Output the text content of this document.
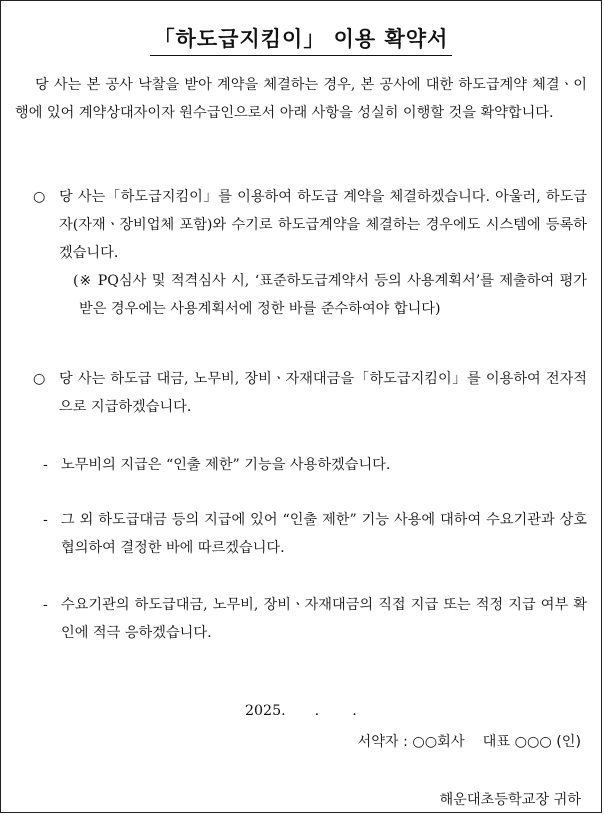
「하도급지킴이」 이용 확약서
당 사는 본 공사 낙찰을 받아 계약을 체결하는 경우, 본 공사에 대한 하도급계약 체결ㆍ이행에 있어 계약상대자이자 원수급인으로서 아래 사항을 성실히 이행할 것을 확약합니다.
○ 당 사는「하도급지킴이」를 이용하여 하도급 계약을 체결하겠습니다. 아울러, 하도급자(자재ㆍ장비업체 포함)와 수기로 하도급계약을 체결하는 경우에도 시스템에 등록하겠습니다.
(※ PQ심사 및 적격심사 시, ‘표준하도급계약서 등의 사용계획서’를 제출하여 평가받은 경우에는 사용계획서에 정한 바를 준수하여야 합니다)
○ 당 사는 하도급 대금, 노무비, 장비ㆍ자재대금을「하도급지킴이」를 이용하여 전자적으로 지급하겠습니다.
- 노무비의 지급은 “인출 제한” 기능을 사용하겠습니다.
- 그 외 하도급대금 등의 지급에 있어 “인출 제한” 기능 사용에 대하여 수요기관과 상호 협의하여 결정한 바에 따르겠습니다.
- 수요기관의 하도급대금, 노무비, 장비ㆍ자재대금의 직접 지급 또는 적정 지급 여부 확인에 적극 응하겠습니다.
2025. . .
서약자 : ○○회사 대표 ○○○ (인)
해운대초등학교장 귀하
